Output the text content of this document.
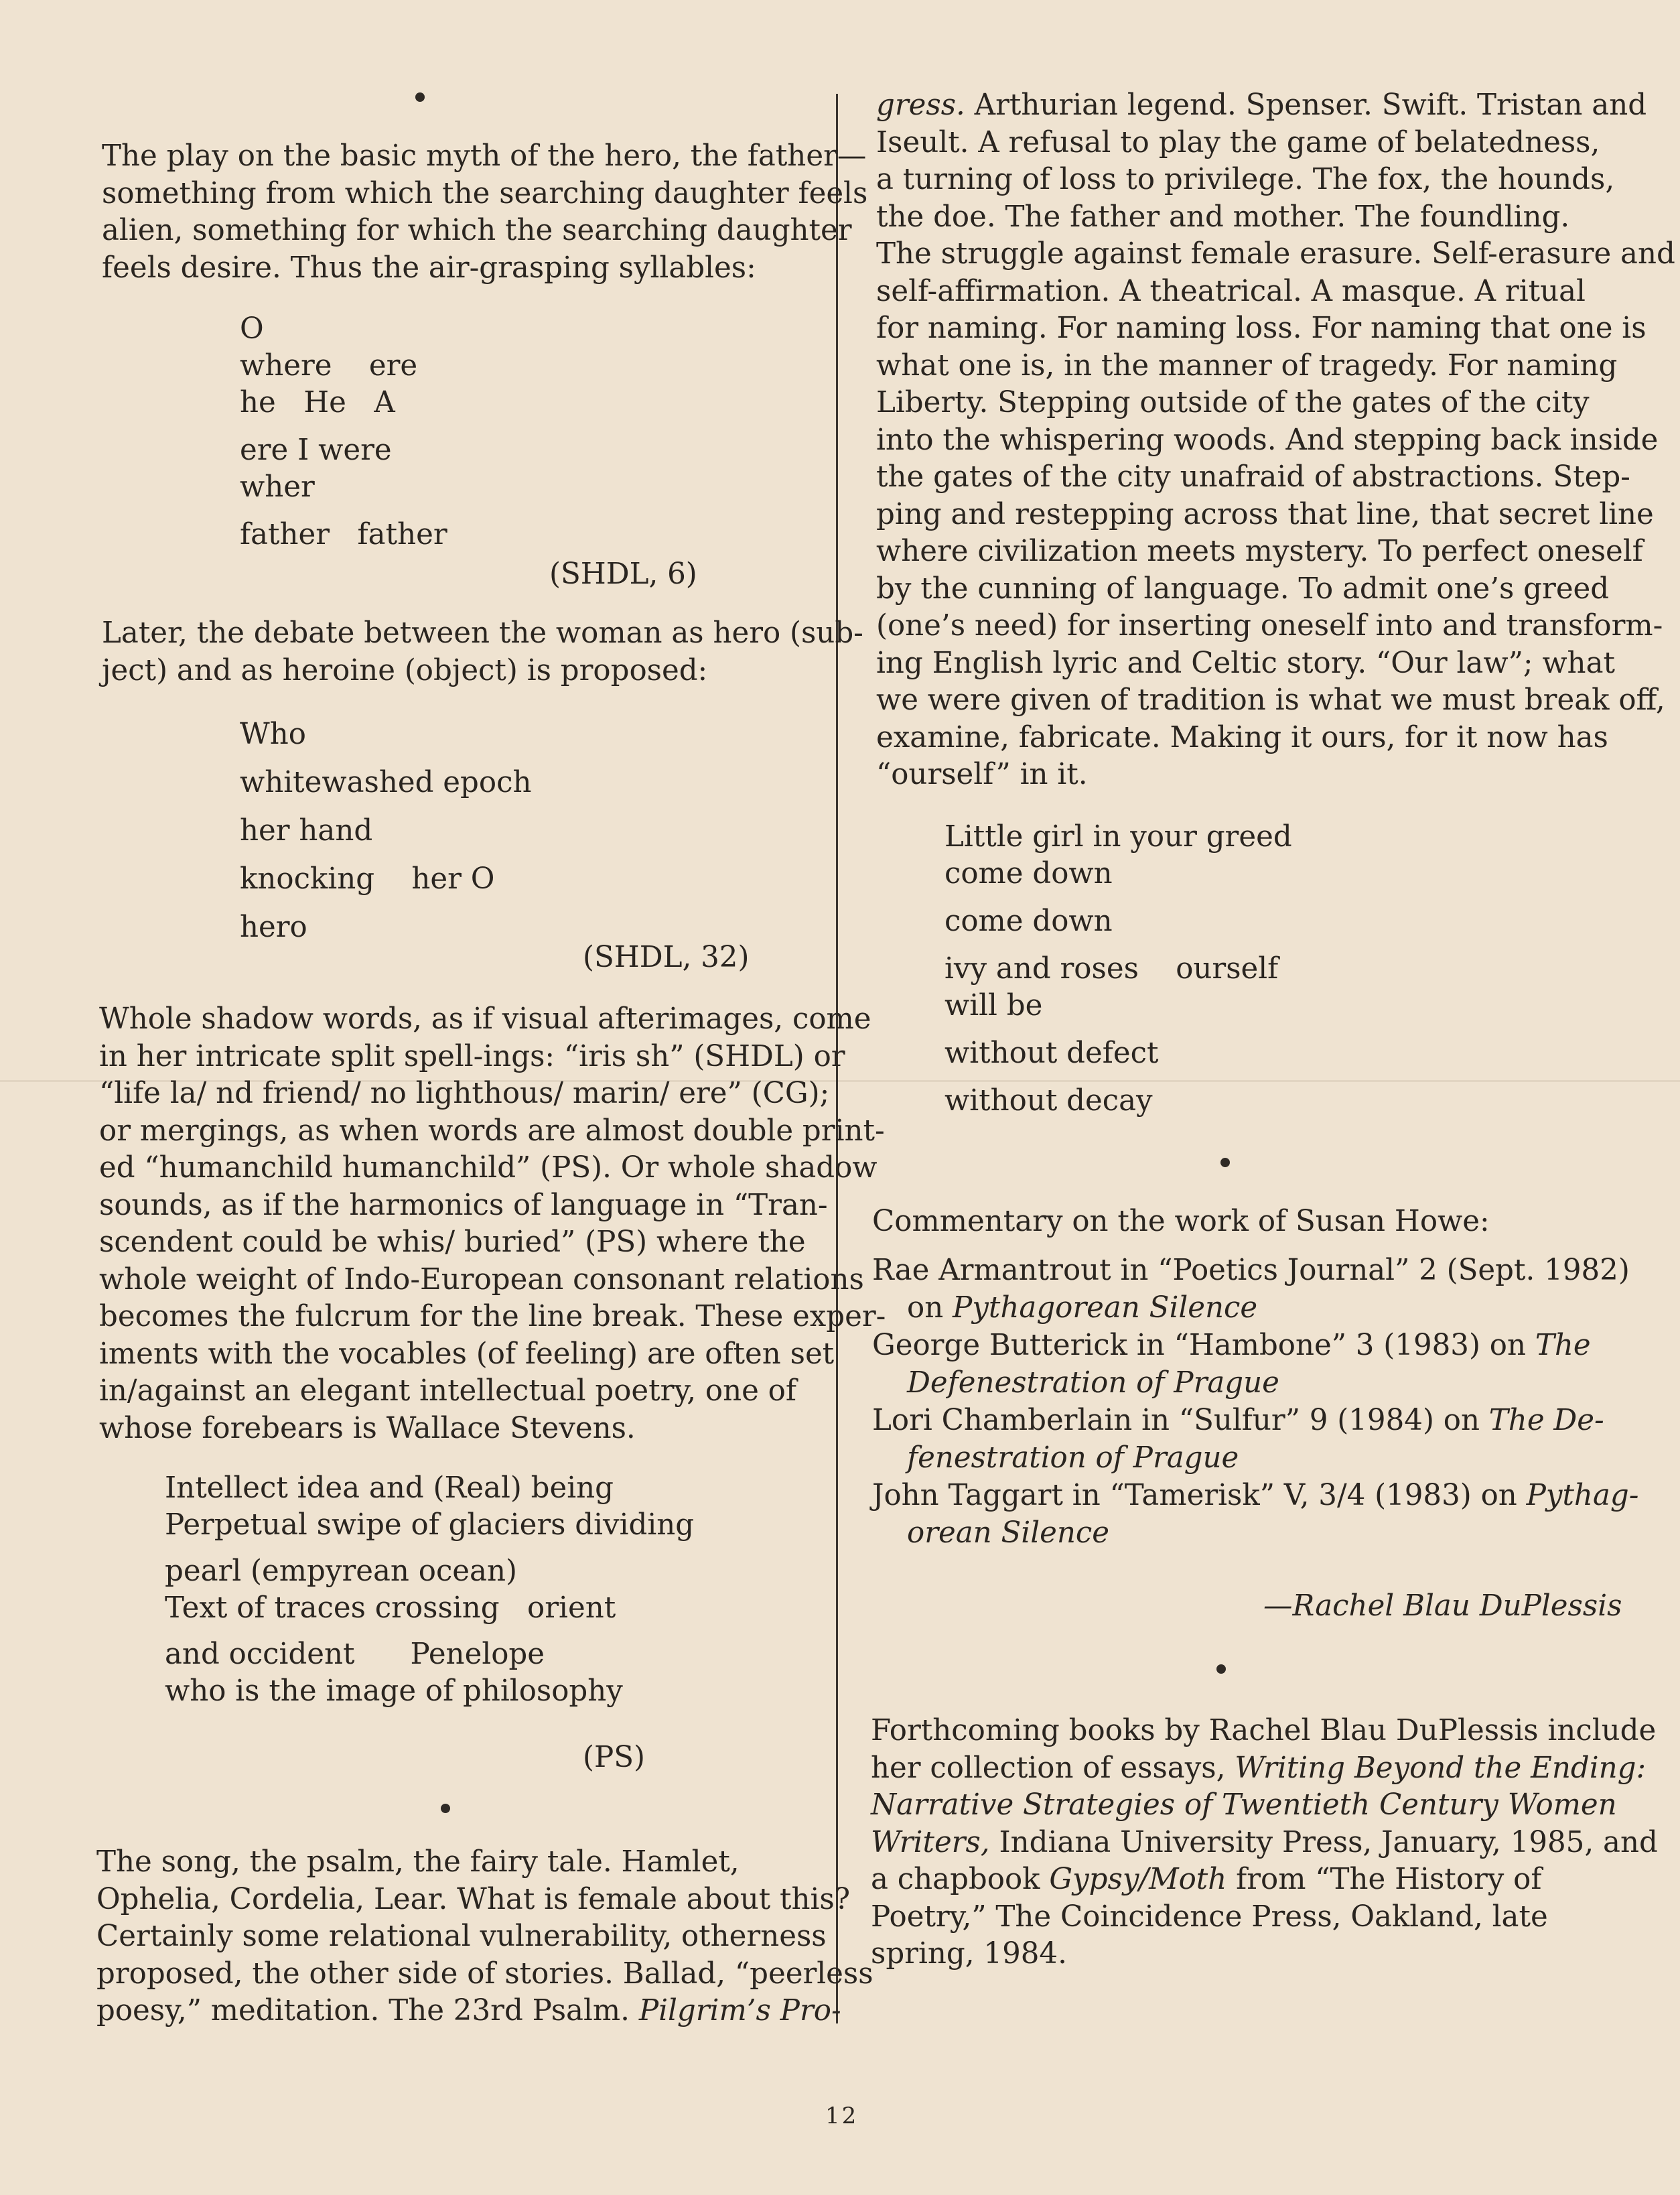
The play on the basic myth of the hero, the father—
something from which the searching daughter feels
alien, something for which the searching daughter
feels desire. Thus the air-grasping syllables:
O
where    ere
he   He   A
ere I were
wher
father   father
(SHDL, 6)
Later, the debate between the woman as hero (sub-
ject) and as heroine (object) is proposed:
Who
whitewashed epoch
her hand
knocking    her O
hero
(SHDL, 32)
Whole shadow words, as if visual afterimages, come
in her intricate split spell-ings: “iris sh” (SHDL) or
“life la/ nd friend/ no lighthous/ marin/ ere” (CG);
or mergings, as when words are almost double print-
ed “humanchild humanchild” (PS). Or whole shadow
sounds, as if the harmonics of language in “Tran-
scendent could be whis/ buried” (PS) where the
whole weight of Indo-European consonant relations
becomes the fulcrum for the line break. These exper-
iments with the vocables (of feeling) are often set
in/against an elegant intellectual poetry, one of
whose forebears is Wallace Stevens.
Intellect idea and (Real) being
Perpetual swipe of glaciers dividing
pearl (empyrean ocean)
Text of traces crossing   orient
and occident      Penelope
who is the image of philosophy
(PS)
The song, the psalm, the fairy tale. Hamlet,
Ophelia, Cordelia, Lear. What is female about this?
Certainly some relational vulnerability, otherness
proposed, the other side of stories. Ballad, “peerless
poesy,” meditation. The 23rd Psalm. Pilgrim’s Pro-
gress. Arthurian legend. Spenser. Swift. Tristan and
Iseult. A refusal to play the game of belatedness,
a turning of loss to privilege. The fox, the hounds,
the doe. The father and mother. The foundling.
The struggle against female erasure. Self-erasure and
self-affirmation. A theatrical. A masque. A ritual
for naming. For naming loss. For naming that one is
what one is, in the manner of tragedy. For naming
Liberty. Stepping outside of the gates of the city
into the whispering woods. And stepping back inside
the gates of the city unafraid of abstractions. Step-
ping and restepping across that line, that secret line
where civilization meets mystery. To perfect oneself
by the cunning of language. To admit one’s greed
(one’s need) for inserting oneself into and transform-
ing English lyric and Celtic story. “Our law”; what
we were given of tradition is what we must break off,
examine, fabricate. Making it ours, for it now has
“ourself” in it.
Little girl in your greed
come down
come down
ivy and roses    ourself
will be
without defect
without decay
Commentary on the work of Susan Howe:
Rae Armantrout in “Poetics Journal” 2 (Sept. 1982)
on Pythagorean Silence
George Butterick in “Hambone” 3 (1983) on The
Defenestration of Prague
Lori Chamberlain in “Sulfur” 9 (1984) on The De-
fenestration of Prague
John Taggart in “Tamerisk” V, 3/4 (1983) on Pythag-
orean Silence
—Rachel Blau DuPlessis
Forthcoming books by Rachel Blau DuPlessis include
her collection of essays, Writing Beyond the Ending:
Narrative Strategies of Twentieth Century Women
Writers, Indiana University Press, January, 1985, and
a chapbook Gypsy/Moth from “The History of
Poetry,” The Coincidence Press, Oakland, late
spring, 1984.
12
